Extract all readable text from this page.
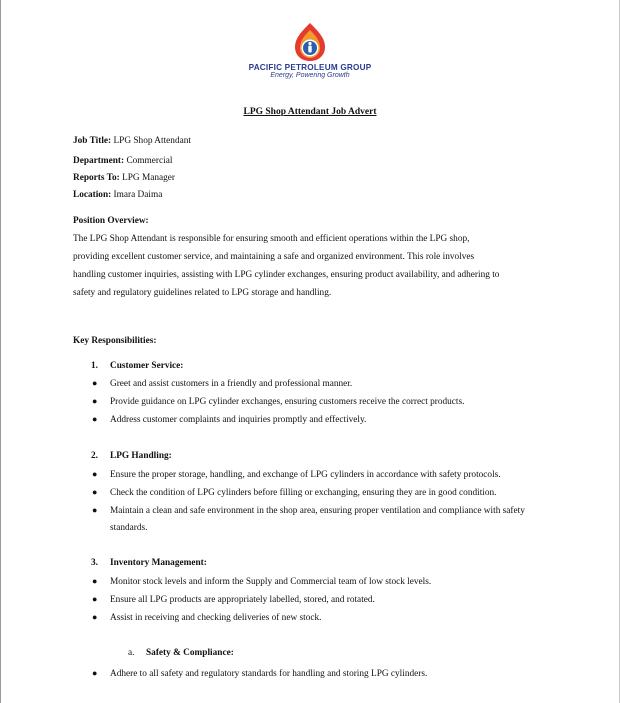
PACIFIC PETROLEUM GROUP
Energy, Powering Growth
LPG Shop Attendant Job Advert
Job Title: LPG Shop Attendant
Department: Commercial
Reports To: LPG Manager
Location: Imara Daima
Position Overview:
The LPG Shop Attendant is responsible for ensuring smooth and efficient operations within the LPG shop,
providing excellent customer service, and maintaining a safe and organized environment. This role involves
handling customer inquiries, assisting with LPG cylinder exchanges, ensuring product availability, and adhering to
safety and regulatory guidelines related to LPG storage and handling.
Key Responsibilities:
1. Customer Service:
● Greet and assist customers in a friendly and professional manner.
● Provide guidance on LPG cylinder exchanges, ensuring customers receive the correct products.
● Address customer complaints and inquiries promptly and effectively.
2. LPG Handling:
● Ensure the proper storage, handling, and exchange of LPG cylinders in accordance with safety protocols.
● Check the condition of LPG cylinders before filling or exchanging, ensuring they are in good condition.
● Maintain a clean and safe environment in the shop area, ensuring proper ventilation and compliance with safety standards.
3. Inventory Management:
● Monitor stock levels and inform the Supply and Commercial team of low stock levels.
● Ensure all LPG products are appropriately labelled, stored, and rotated.
● Assist in receiving and checking deliveries of new stock.
a. Safety & Compliance:
● Adhere to all safety and regulatory standards for handling and storing LPG cylinders.
